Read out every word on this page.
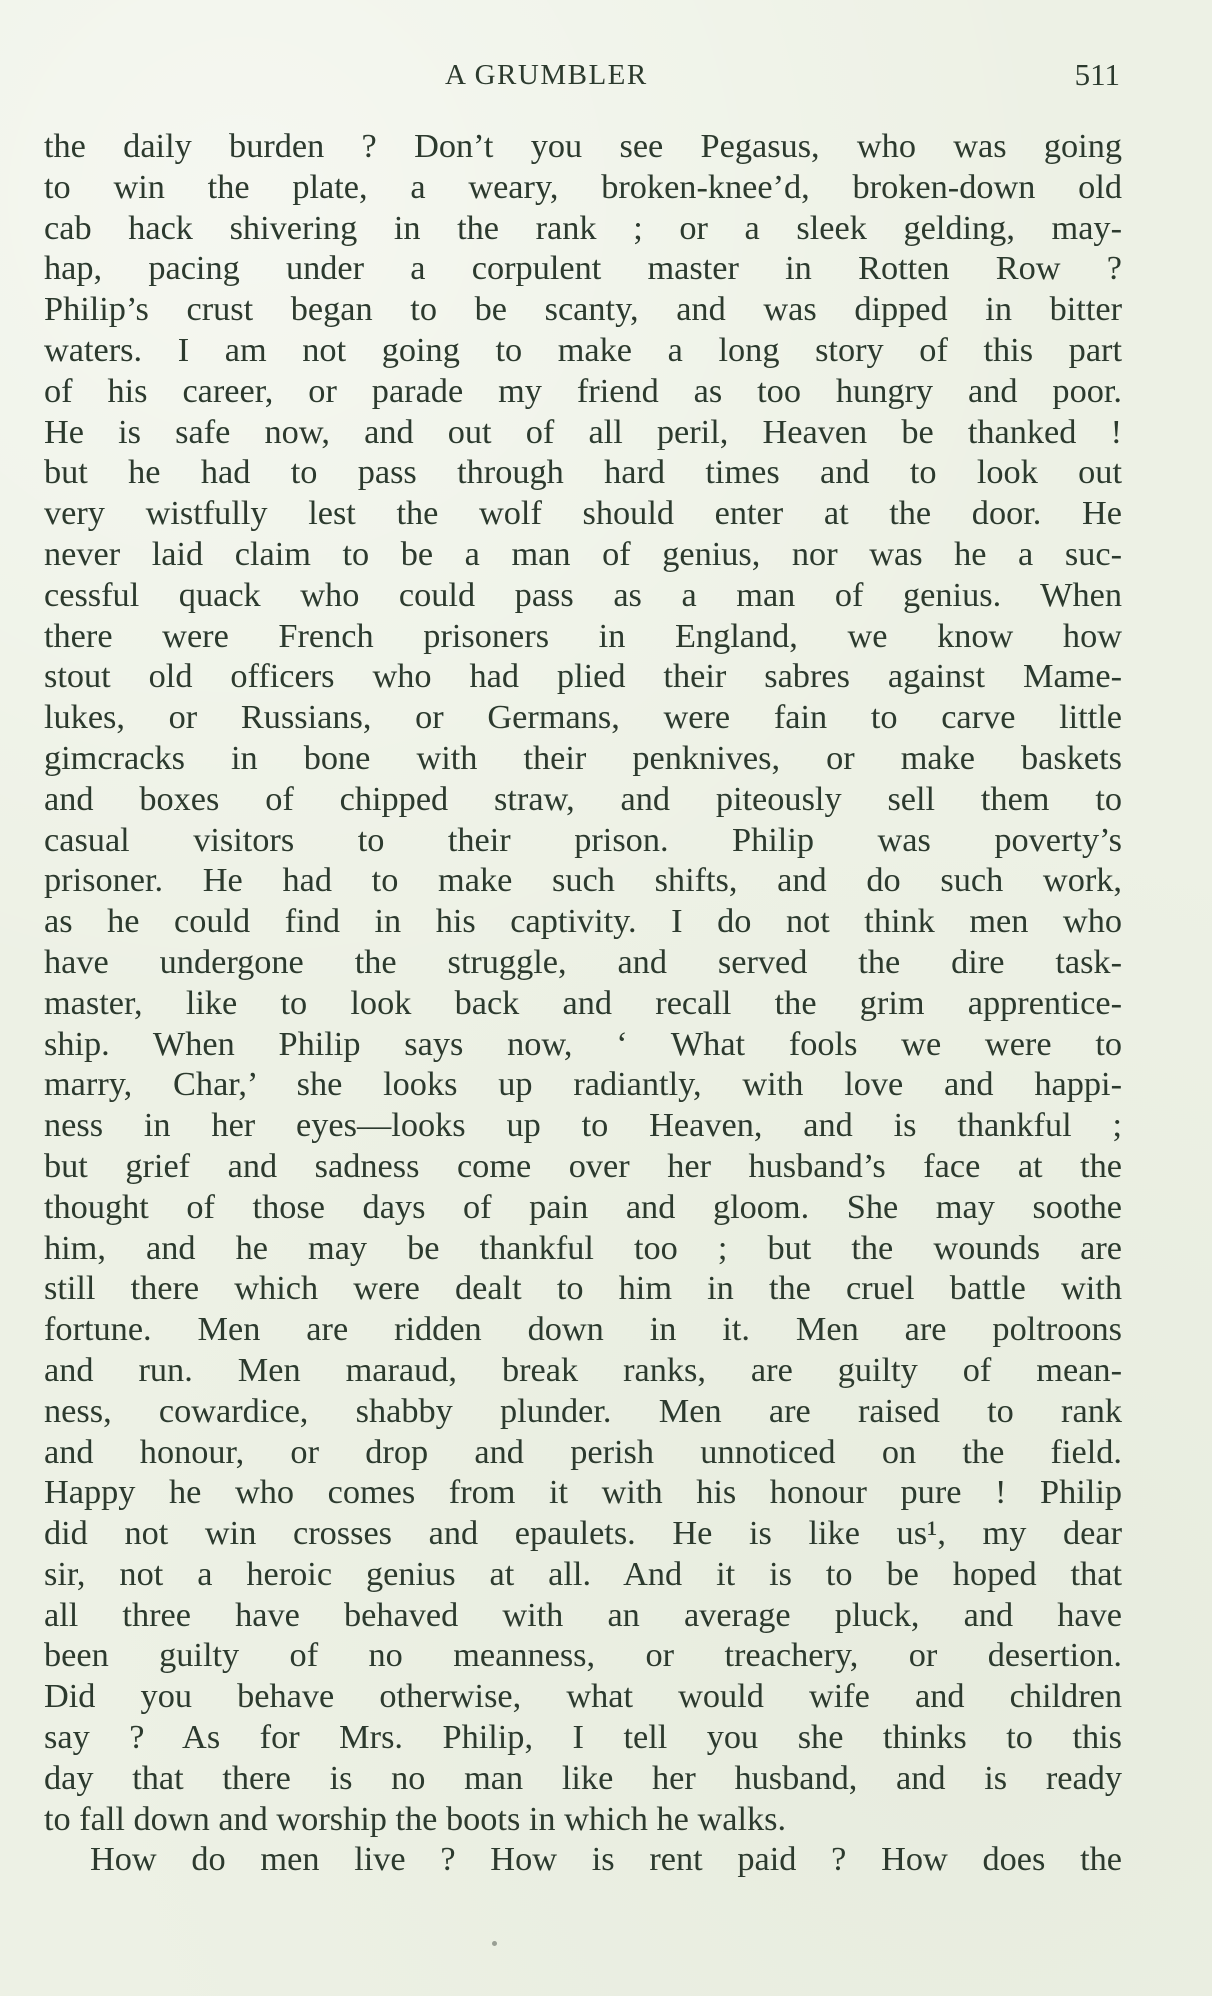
A GRUMBLER	511
the daily burden ? Don’t you see Pegasus, who was going
to win the plate, a weary, broken-knee’d, broken-down old
cab hack shivering in the rank ; or a sleek gelding, may-
hap, pacing under a corpulent master in Rotten Row ?
Philip’s crust began to be scanty, and was dipped in bitter
waters. I am not going to make a long story of this part
of his career, or parade my friend as too hungry and poor.
He is safe now, and out of all peril, Heaven be thanked !
but he had to pass through hard times and to look out
very wistfully lest the wolf should enter at the door. He
never laid claim to be a man of genius, nor was he a suc-
cessful quack who could pass as a man of genius. When
there were French prisoners in England, we know how
stout old officers who had plied their sabres against Mame-
lukes, or Russians, or Germans, were fain to carve little
gimcracks in bone with their penknives, or make baskets
and boxes of chipped straw, and piteously sell them to
casual visitors to their prison. Philip was poverty’s
prisoner. He had to make such shifts, and do such work,
as he could find in his captivity. I do not think men who
have undergone the struggle, and served the dire task-
master, like to look back and recall the grim apprentice-
ship. When Philip says now, ‘ What fools we were to
marry, Char,’ she looks up radiantly, with love and happi-
ness in her eyes—looks up to Heaven, and is thankful ;
but grief and sadness come over her husband’s face at the
thought of those days of pain and gloom. She may soothe
him, and he may be thankful too ; but the wounds are
still there which were dealt to him in the cruel battle with
fortune. Men are ridden down in it. Men are poltroons
and run. Men maraud, break ranks, are guilty of mean-
ness, cowardice, shabby plunder. Men are raised to rank
and honour, or drop and perish unnoticed on the field.
Happy he who comes from it with his honour pure ! Philip
did not win crosses and epaulets. He is like us¹, my dear
sir, not a heroic genius at all. And it is to be hoped that
all three have behaved with an average pluck, and have
been guilty of no meanness, or treachery, or desertion.
Did you behave otherwise, what would wife and children
say ? As for Mrs. Philip, I tell you she thinks to this
day that there is no man like her husband, and is ready
to fall down and worship the boots in which he walks.
How do men live ? How is rent paid ? How does the
